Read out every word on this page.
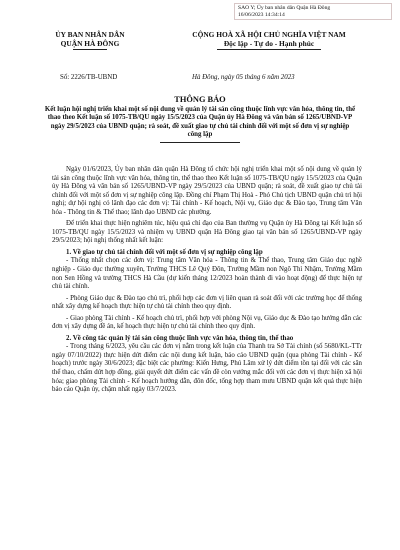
SAO Y; Ủy ban nhân dân Quận Hà Đông
16/06/2023 14:34:14
ỦY BAN NHÂN DÂN
QUẬN HÀ ĐÔNG
CỘNG HOÀ XÃ HỘI CHỦ NGHĨA VIỆT NAM
Độc lập - Tự do - Hạnh phúc
Số: 2226/TB-UBND	Hà Đông, ngày 05 tháng 6 năm 2023
THÔNG BÁO
Kết luận hội nghị triển khai một số nội dung về quản lý tài sản công thuộc lĩnh vực văn hóa, thông tin, thể thao theo Kết luận số 1075-TB/QU ngày 15/5/2023 của Quận ủy Hà Đông và văn bản số 1265/UBND-VP ngày 29/5/2023 của UBND quận; rà soát, đề xuất giao tự chủ tài chính đối với một số đơn vị sự nghiệp công lập

Ngày 01/6/2023, Ủy ban nhân dân quận Hà Đông tổ chức hội nghị triển khai một số nội dung về quản lý tài sản công thuộc lĩnh vực văn hóa, thông tin, thể thao theo Kết luận số 1075-TB/QU ngày 15/5/2023 của Quận ủy Hà Đông và văn bản số 1265/UBND-VP ngày 29/5/2023 của UBND quận; rà soát, đề xuất giao tự chủ tài chính đối với một số đơn vị sự nghiệp công lập. Đồng chí Phạm Thị Hoà - Phó Chủ tịch UBND quận chủ trì hội nghị; dự hội nghị có lãnh đạo các đơn vị: Tài chính - Kế hoạch, Nội vụ, Giáo dục & Đào tạo, Trung tâm Văn hóa - Thông tin & Thể thao; lãnh đạo UBND các phường.

Để triển khai thực hiện nghiêm túc, hiệu quả chỉ đạo của Ban thường vụ Quận ủy Hà Đông tại Kết luận số 1075-TB/QU ngày 15/5/2023 và nhiệm vụ UBND quận Hà Đông giao tại văn bản số 1265/UBND-VP ngày 29/5/2023; hội nghị thống nhất kết luận:

1. Về giao tự chủ tài chính đối với một số đơn vị sự nghiệp công lập

- Thống nhất chọn các đơn vị: Trung tâm Văn hóa - Thông tin & Thể thao, Trung tâm Giáo dục nghề nghiệp - Giáo dục thường xuyên, Trường THCS Lê Quý Đôn, Trường Mầm non Ngô Thì Nhậm, Trường Mầm non Sen Hồng và trường THCS Hà Cầu (dự kiến tháng 12/2023 hoàn thành đi vào hoạt động) để thực hiện tự chủ tài chính.

- Phòng Giáo dục & Đào tạo chủ trì, phối hợp các đơn vị liên quan rà soát đối với các trường học để thống nhất xây dựng kế hoạch thực hiện tự chủ tài chính theo quy định.

- Giao phòng Tài chính - Kế hoạch chủ trì, phối hợp với phòng Nội vụ, Giáo dục & Đào tạo hướng dẫn các đơn vị xây dựng đề án, kế hoạch thực hiện tự chủ tài chính theo quy định.

2. Về công tác quản lý tài sản công thuộc lĩnh vực văn hóa, thông tin, thể thao

- Trong tháng 6/2023, yêu cầu các đơn vị nằm trong kết luận của Thanh tra Sở Tài chính (số 5680/KL-TTr ngày 07/10/2022) thực hiện dứt điểm các nội dung kết luận, báo cáo UBND quận (qua phòng Tài chính - Kế hoạch) trước ngày 30/6/2023; đặc biệt các phường: Kiến Hưng, Phú Lãm xử lý dứt điểm tồn tại đối với các sân thể thao, chấm dứt hợp đồng, giải quyết dứt điểm các vấn đề còn vướng mắc đối với các đơn vị thực hiện xã hội hóa; giao phòng Tài chính - Kế hoạch hướng dẫn, đôn đốc, tổng hợp tham mưu UBND quận kết quả thực hiện báo cáo Quận ủy, chậm nhất ngày 03/7/2023.
